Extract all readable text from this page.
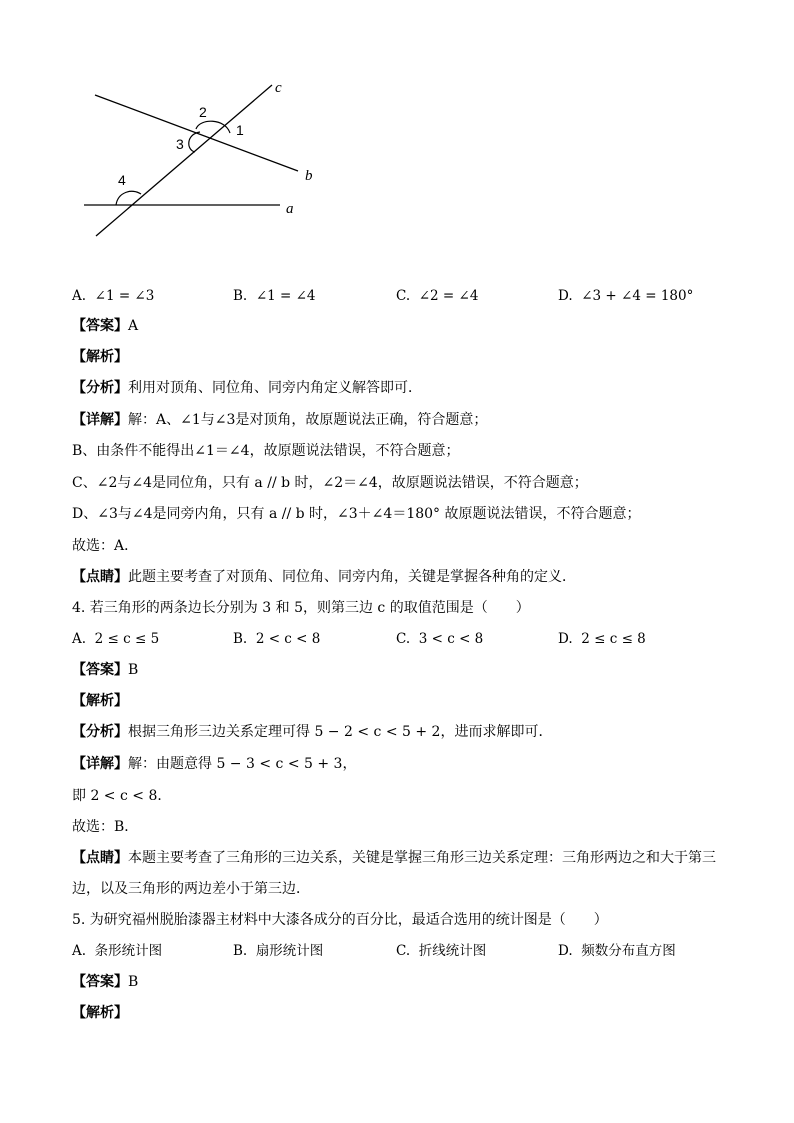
2
1
3
4
c
b
a
A. ∠1 = ∠3	B. ∠1 = ∠4	C. ∠2 = ∠4	D. ∠3 + ∠4 = 180°
【答案】A
【解析】
【分析】利用对顶角、同位角、同旁内角定义解答即可．
【详解】解：A、∠1与∠3是对顶角，故原题说法正确，符合题意；
B、由条件不能得出∠1＝∠4，故原题说法错误，不符合题意；
C、∠2与∠4是同位角，只有 a // b 时，∠2＝∠4，故原题说法错误，不符合题意；
D、∠3与∠4是同旁内角，只有 a // b 时，∠3＋∠4＝180° 故原题说法错误，不符合题意；
故选：A．
【点睛】此题主要考查了对顶角、同位角、同旁内角，关键是掌握各种角的定义．
4. 若三角形的两条边长分别为 3 和 5，则第三边 c 的取值范围是（　　）
A. 2 ≤ c ≤ 5	B. 2 < c < 8	C. 3 < c < 8	D. 2 ≤ c ≤ 8
【答案】B
【解析】
【分析】根据三角形三边关系定理可得 5 − 2 < c < 5 + 2，进而求解即可．
【详解】解：由题意得 5 − 3 < c < 5 + 3，
即 2 < c < 8．
故选：B．
【点睛】本题主要考查了三角形的三边关系，关键是掌握三角形三边关系定理：三角形两边之和大于第三
边，以及三角形的两边差小于第三边．
5. 为研究福州脱胎漆器主材料中大漆各成分的百分比，最适合选用的统计图是（　　）
A. 条形统计图	B. 扇形统计图	C. 折线统计图	D. 频数分布直方图
【答案】B
【解析】
